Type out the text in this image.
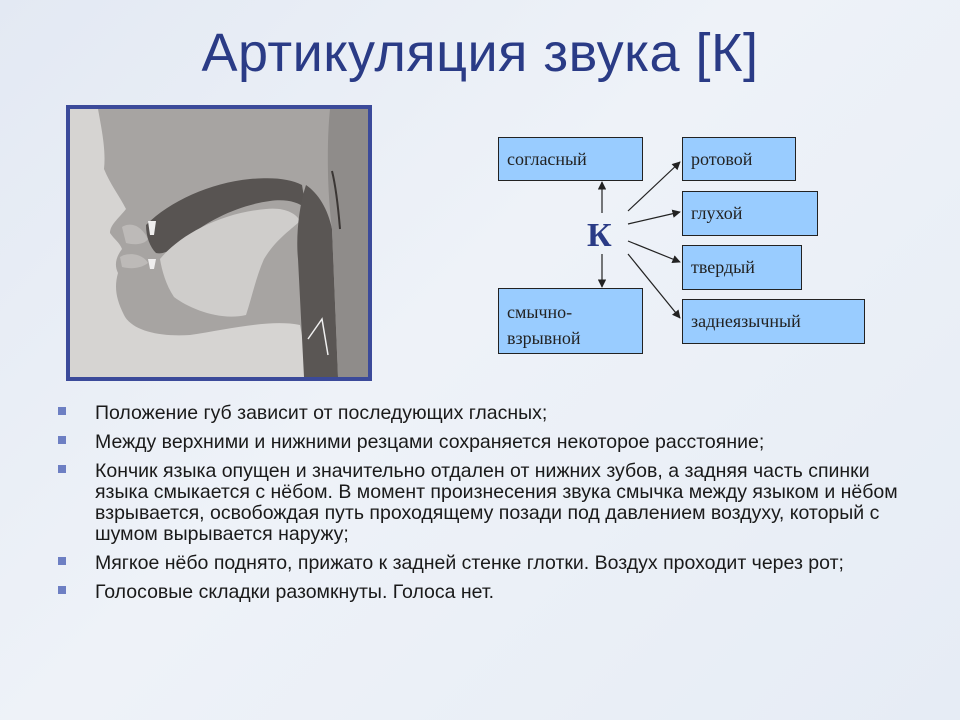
Артикуляция звука [К]
согласный
смычно-взрывной
ротовой
глухой
твердый
заднеязычный
К
Положение губ зависит от последующих гласных;
Между верхними и нижними резцами сохраняется некоторое расстояние;
Кончик языка опущен и значительно отдален от нижних зубов, а задняя часть спинки языка смыкается с нёбом. В момент произнесения звука смычка между языком и нёбом взрывается, освобождая путь проходящему позади под давлением воздуху, который с шумом вырывается наружу;
Мягкое нёбо поднято, прижато к задней стенке глотки. Воздух проходит через рот;
Голосовые складки разомкнуты. Голоса нет.
